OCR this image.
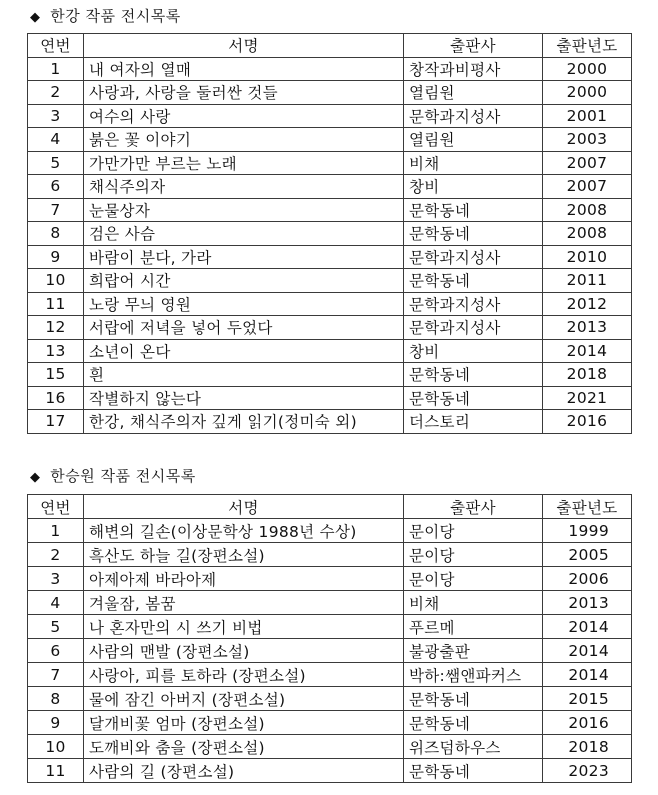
◆ 한강 작품 전시목록
연번	서명	출판사	출판년도
1	내 여자의 열매	창작과비평사	2000
2	사랑과, 사랑을 둘러싼 것들	열림원	2000
3	여수의 사랑	문학과지성사	2001
4	붉은 꽃 이야기	열림원	2003
5	가만가만 부르는 노래	비채	2007
6	채식주의자	창비	2007
7	눈물상자	문학동네	2008
8	검은 사슴	문학동네	2008
9	바람이 분다, 가라	문학과지성사	2010
10	희랍어 시간	문학동네	2011
11	노랑 무늬 영원	문학과지성사	2012
12	서랍에 저녁을 넣어 두었다	문학과지성사	2013
13	소년이 온다	창비	2014
15	흰	문학동네	2018
16	작별하지 않는다	문학동네	2021
17	한강, 채식주의자 깊게 읽기(정미숙 외)	더스토리	2016
◆ 한승원 작품 전시목록
연번	서명	출판사	출판년도
1	해변의 길손(이상문학상 1988년 수상)	문이당	1999
2	흑산도 하늘 길(장편소설)	문이당	2005
3	아제아제 바라아제	문이당	2006
4	겨울잠, 봄꿈	비채	2013
5	나 혼자만의 시 쓰기 비법	푸르메	2014
6	사람의 맨발 (장편소설)	불광출판	2014
7	사랑아, 피를 토하라 (장편소설)	박하:쌤앤파커스	2014
8	물에 잠긴 아버지 (장편소설)	문학동네	2015
9	달개비꽃 엄마 (장편소설)	문학동네	2016
10	도깨비와 춤을 (장편소설)	위즈덤하우스	2018
11	사람의 길 (장편소설)	문학동네	2023
